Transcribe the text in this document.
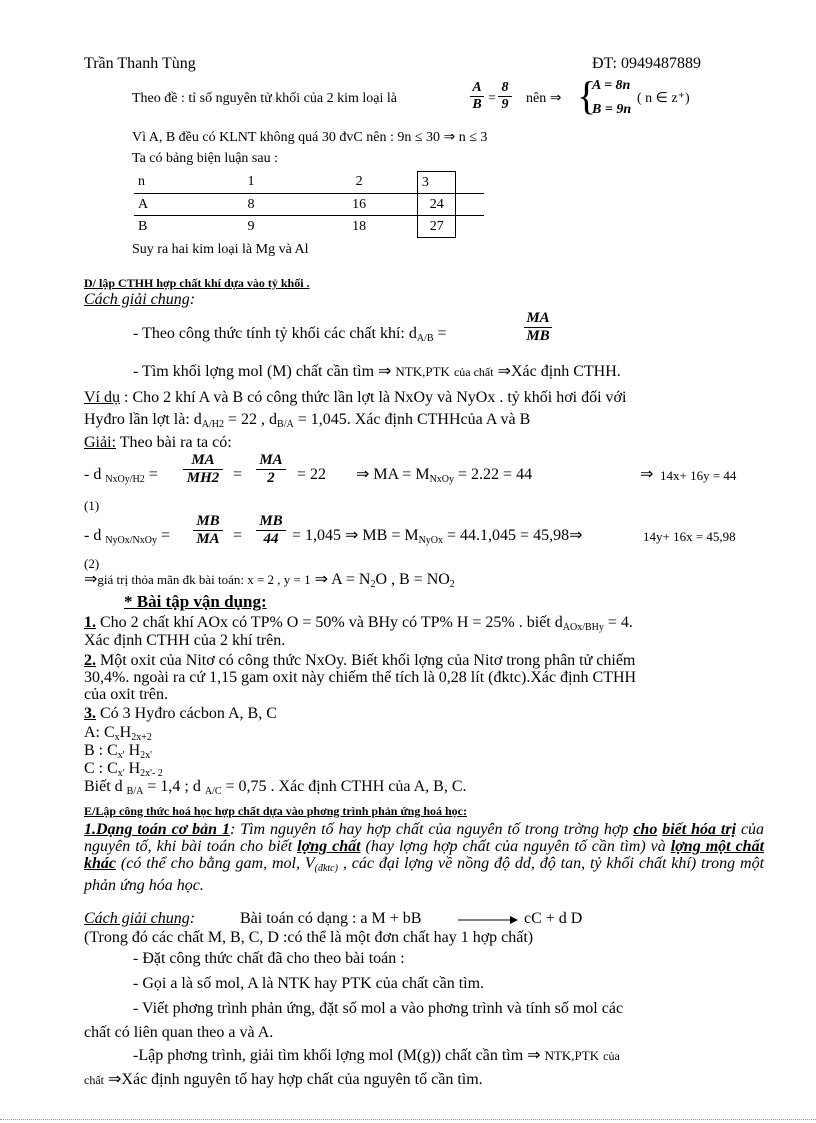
Trần Thanh Tùng	ĐT: 0949487889
Theo đề : tỉ số nguyên tử khối của 2 kim loại là	$\frac{A}{B} = \frac{8}{9}$ nên ⇒ {
A = 8n
B = 9n
( n ∈ z⁺)
Vì A, B đều có KLNT không quá 30 đvC nên : 9n ≤ 30 ⇒ n ≤ 3
Ta có bảng biện luận sau :
n	1	2	3	
A	8	16	24	
B	9	18	27	
Suy ra hai kim loại là Mg và Al
D/ lập CTHH hợp chất khí dựa vào tỷ khối .
Cách giải chung:
- Theo công thức tính tỷ khối các chất khí: $d_{A/B}$ =	$\frac{MA}{MB}$
- Tìm khối lợng mol (M) chất cần tìm ⇒ NTK,PTK của chất ⇒Xác định CTHH.
Ví dụ : Cho 2 khí A và B có công thức lần lợt là NxOy và NyOx . tỷ khối hơi đối với
Hyđro lần lợt là: $d_{A/H2} = 22$ , $d_{B/A} = 1,045$. Xác định CTHHcủa A và B
Giải: Theo bài ra ta có:
- d $_{NxOy/H2} = \frac{MA}{MH2} = \frac{MA}{2} = 22$ ⇒ MA = $M_{NxOy} = 2.22 = 44$	⇒ 14x+ 16y = 44
(1)
- d $_{NyOx/NxOy} = \frac{MB}{MA} = \frac{MB}{44} = 1,045$ ⇒ MB = $M_{NyOx} = 44.1,045$ = 45,98⇒	14y+ 16x = 45,98
(2)
⇒giá trị thỏa mãn đk bài toán: x = 2 , y = 1 ⇒ $A = N_2O$ , $B = NO_2$
* Bài tập vận dụng:
1. Cho 2 chất khí AOx có TP% O = 50% và BHy có TP% H = 25% . biết $d_{AOx/BHy} = 4$.
Xác định CTHH của 2 khí trên.
2. Một oxit của Nitơ có công thức NxOy. Biết khối lợng của Nitơ trong phân tử chiếm
30,4%. ngoài ra cứ 1,15 gam oxit này chiếm thể tích là 0,28 lít (đktc).Xác định CTHH
của oxit trên.
3. Có 3 Hyđro cácbon A, B, C
A: $C_xH_{2x+2}$
B : $C_{x'}$ $H_{2x'}$
C : $C_{x'}$ $H_{2x'- 2}$
Biết d $_{B/A}$ = 1,4 ; d $_{A/C}$ = 0,75 . Xác định CTHH của A, B, C.
E/Lập công thức hoá học hợp chất dựa vào phơng trình phản ứng hoá học:
1.Dạng toán cơ bản 1: Tìm nguyên tố hay hợp chất của nguyên tố trong trờng hợp cho biết hóa trị của nguyên tố, khi bài toán cho biết lợng chất (hay lợng hợp chất của nguyên tố cần tìm) và lợng một chất khác (có thể cho bằng gam, mol, $V_{(đktc)}$ , các đại lợng về nồng độ dd, độ tan, tỷ khối chất khí) trong một phản ứng hóa học.
Cách giải chung:	Bài toán có dạng : a M + bB → cC + d D
(Trong đó các chất M, B, C, D :có thể là một đơn chất hay 1 hợp chất)
- Đặt công thức chất đã cho theo bài toán :
- Gọi a là số mol, A là NTK hay PTK của chất cần tìm.
- Viết phơng trình phản ứng, đặt số mol a vào phơng trình và tính số mol các
chất có liên quan theo a và A.
-Lập phơng trình, giải tìm khối lợng mol (M(g)) chất cần tìm ⇒ NTK,PTK của
chất ⇒Xác định nguyên tố hay hợp chất của nguyên tố cần tìm.
